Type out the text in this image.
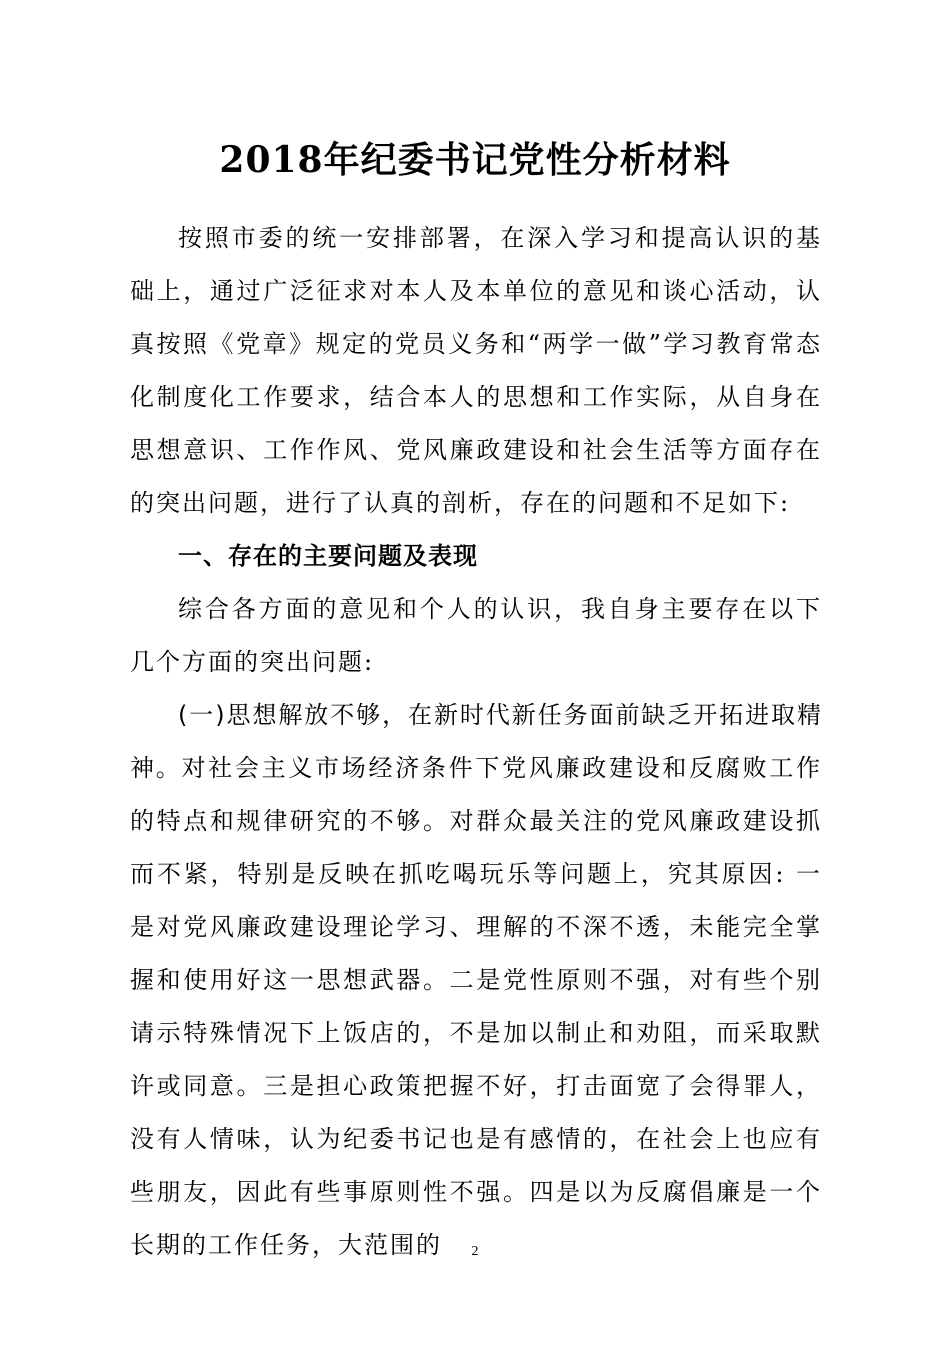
2018年纪委书记党性分析材料

按照市委的统一安排部署，在深入学习和提高认识的基础上，通过广泛征求对本人及本单位的意见和谈心活动，认真按照《党章》规定的党员义务和“两学一做”学习教育常态化制度化工作要求，结合本人的思想和工作实际，从自身在思想意识、工作作风、党风廉政建设和社会生活等方面存在的突出问题，进行了认真的剖析，存在的问题和不足如下:

一、存在的主要问题及表现

综合各方面的意见和个人的认识，我自身主要存在以下几个方面的突出问题:

(一)思想解放不够，在新时代新任务面前缺乏开拓进取精神。对社会主义市场经济条件下党风廉政建设和反腐败工作的特点和规律研究的不够。对群众最关注的党风廉政建设抓而不紧，特别是反映在抓吃喝玩乐等问题上，究其原因: 一是对党风廉政建设理论学习、理解的不深不透，未能完全掌握和使用好这一思想武器。二是党性原则不强，对有些个别请示特殊情况下上饭店的，不是加以制止和劝阻，而采取默许或同意。三是担心政策把握不好，打击面宽了会得罪人，没有人情味，认为纪委书记也是有感情的，在社会上也应有些朋友，因此有些事原则性不强。四是以为反腐倡廉是一个长期的工作任务，大范围的	2
